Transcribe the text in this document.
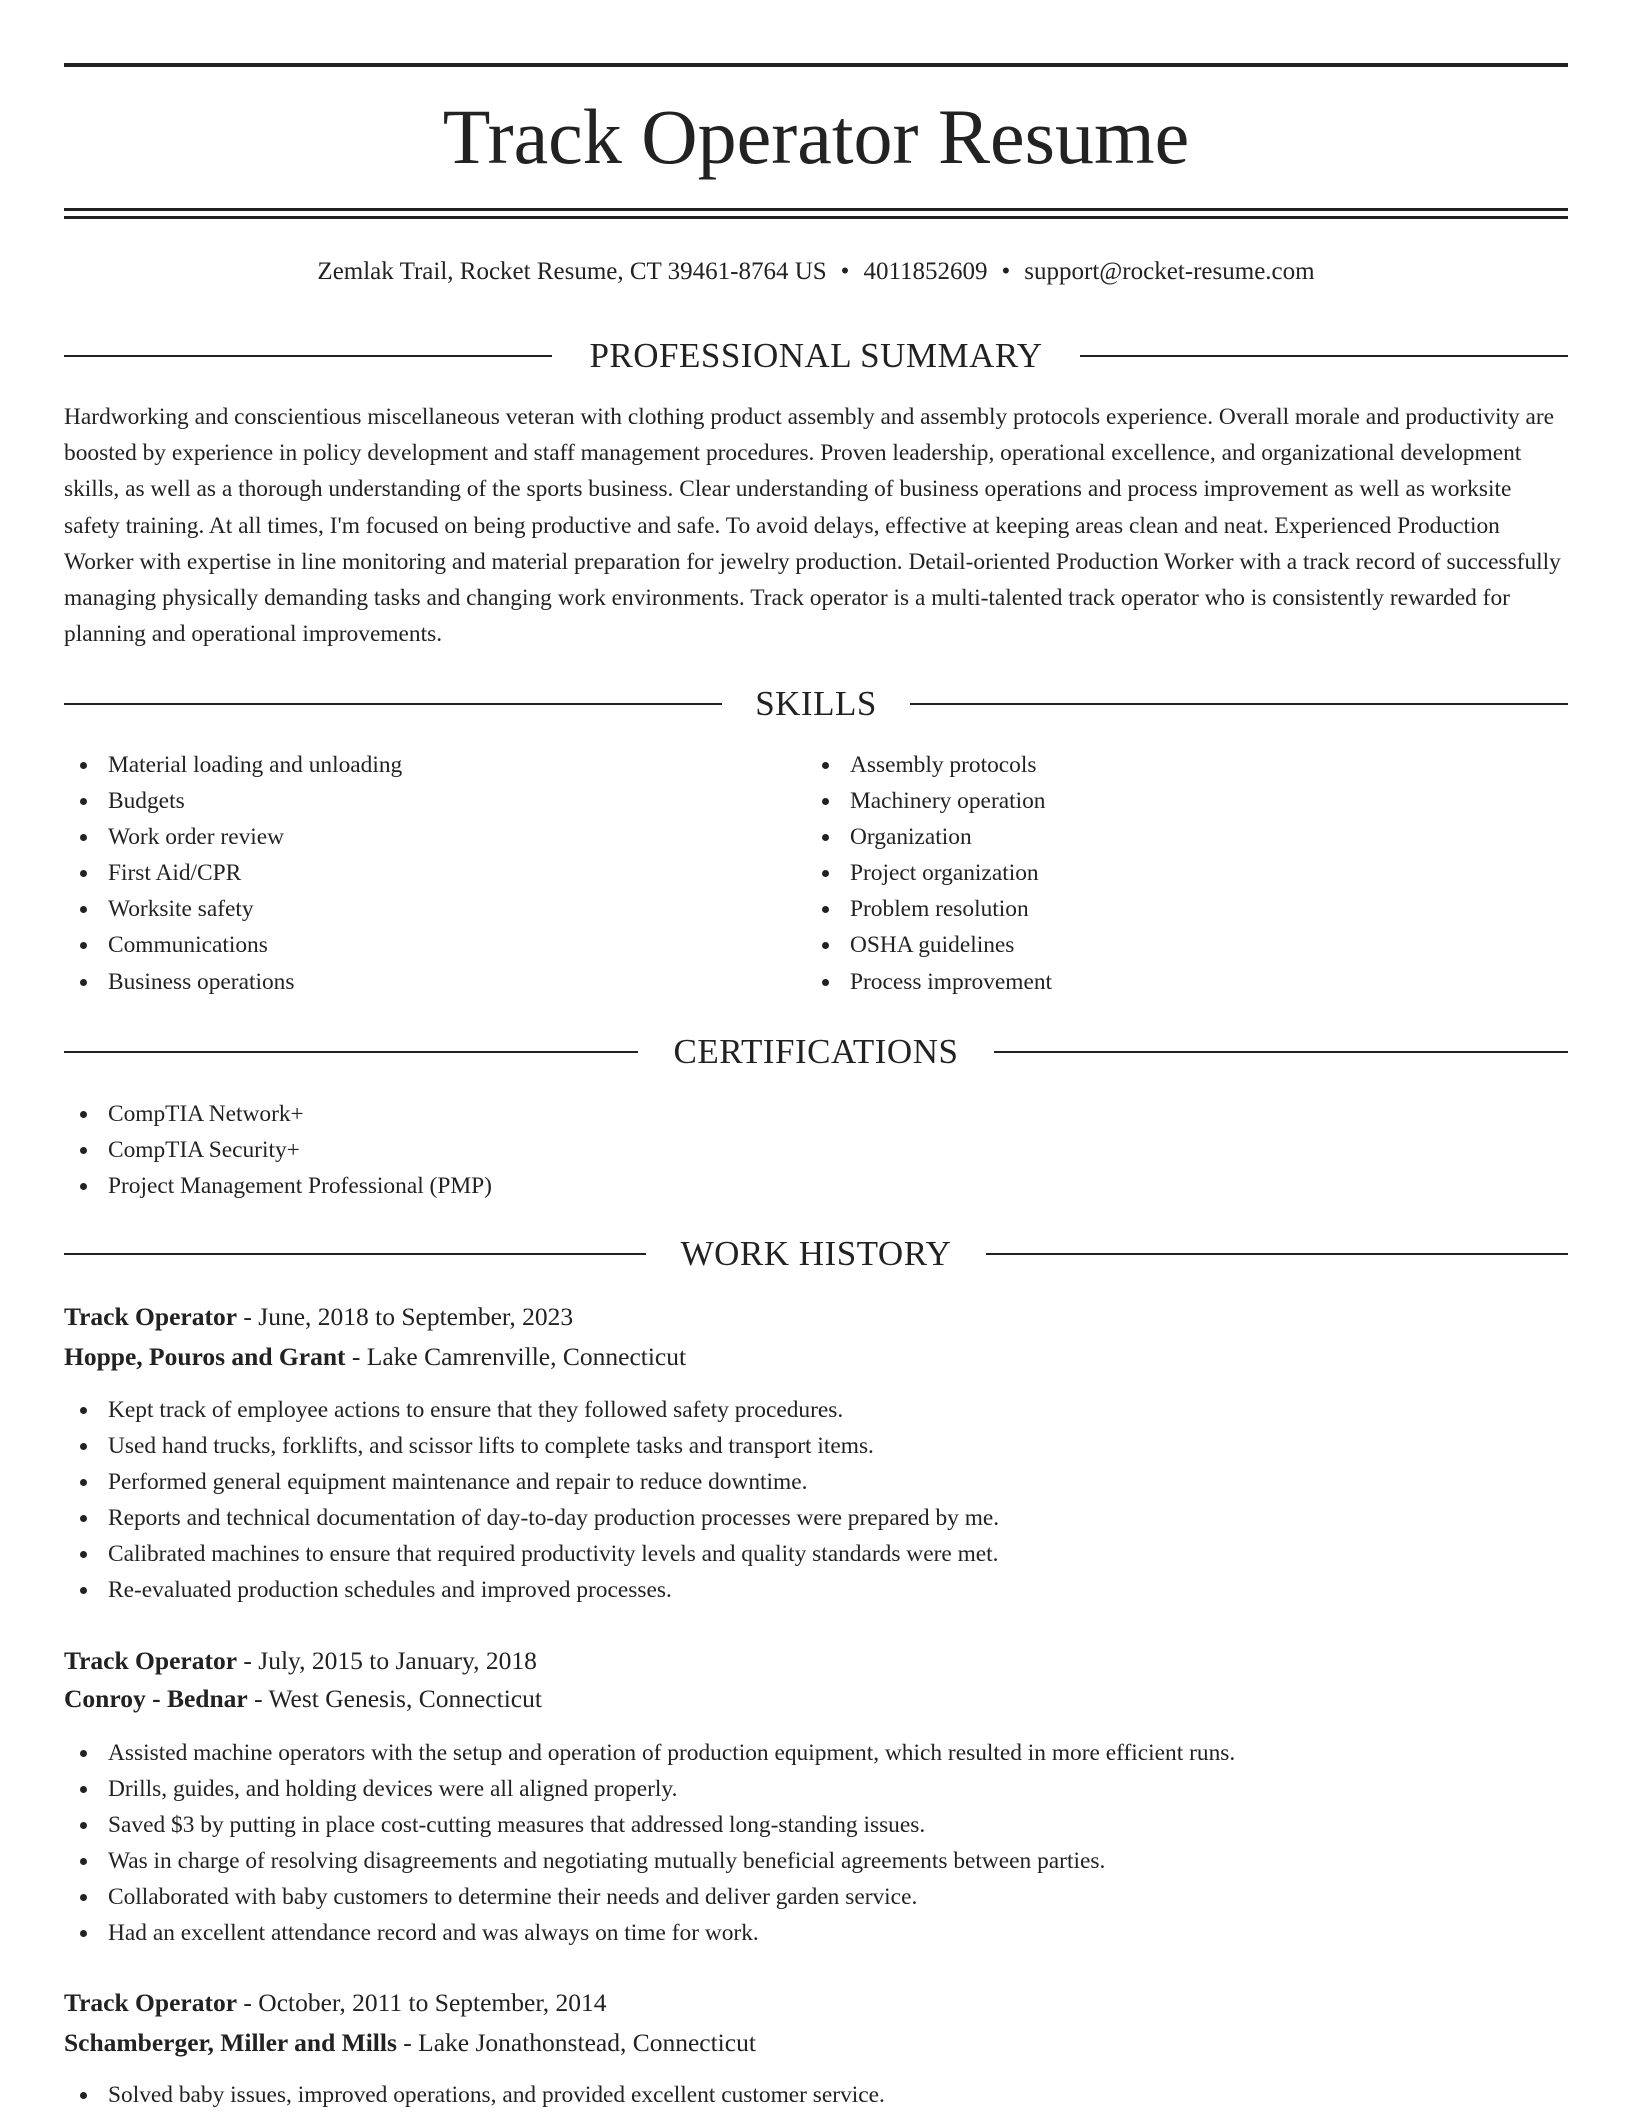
Track Operator Resume
Zemlak Trail, Rocket Resume, CT 39461-8764 US • 4011852609 • support@rocket-resume.com
PROFESSIONAL SUMMARY

Hardworking and conscientious miscellaneous veteran with clothing product assembly and assembly protocols experience. Overall morale and productivity are boosted by experience in policy development and staff management procedures. Proven leadership, operational excellence, and organizational development skills, as well as a thorough understanding of the sports business. Clear understanding of business operations and process improvement as well as worksite safety training. At all times, I'm focused on being productive and safe. To avoid delays, effective at keeping areas clean and neat. Experienced Production Worker with expertise in line monitoring and material preparation for jewelry production. Detail-oriented Production Worker with a track record of successfully managing physically demanding tasks and changing work environments. Track operator is a multi-talented track operator who is consistently rewarded for planning and operational improvements.

SKILLS
Material loading and unloading
Budgets
Work order review
First Aid/CPR
Worksite safety
Communications
Business operations
Assembly protocols
Machinery operation
Organization
Project organization
Problem resolution
OSHA guidelines
Process improvement
CERTIFICATIONS
CompTIA Network+
CompTIA Security+
Project Management Professional (PMP)
WORK HISTORY
Track Operator - June, 2018 to September, 2023
Hoppe, Pouros and Grant - Lake Camrenville, Connecticut
Kept track of employee actions to ensure that they followed safety procedures.
Used hand trucks, forklifts, and scissor lifts to complete tasks and transport items.
Performed general equipment maintenance and repair to reduce downtime.
Reports and technical documentation of day-to-day production processes were prepared by me.
Calibrated machines to ensure that required productivity levels and quality standards were met.
Re-evaluated production schedules and improved processes.
Track Operator - July, 2015 to January, 2018
Conroy - Bednar - West Genesis, Connecticut
Assisted machine operators with the setup and operation of production equipment, which resulted in more efficient runs.
Drills, guides, and holding devices were all aligned properly.
Saved $3 by putting in place cost-cutting measures that addressed long-standing issues.
Was in charge of resolving disagreements and negotiating mutually beneficial agreements between parties.
Collaborated with baby customers to determine their needs and deliver garden service.
Had an excellent attendance record and was always on time for work.
Track Operator - October, 2011 to September, 2014
Schamberger, Miller and Mills - Lake Jonathonstead, Connecticut
Solved baby issues, improved operations, and provided excellent customer service.
